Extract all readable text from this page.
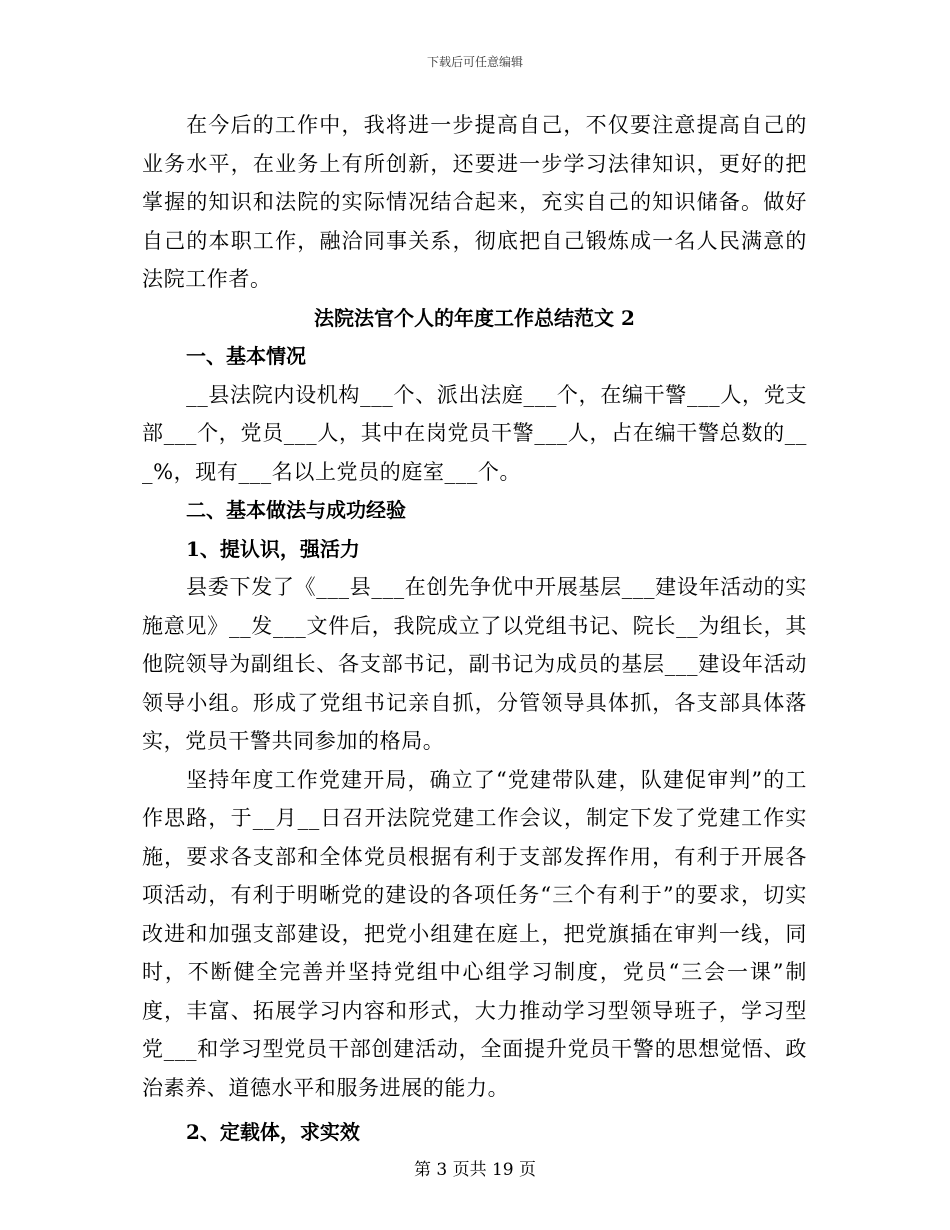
下载后可任意编辑

在今后的工作中，我将进一步提高自己，不仅要注意提高自己的业务水平，在业务上有所创新，还要进一步学习法律知识，更好的把掌握的知识和法院的实际情况结合起来，充实自己的知识储备。做好自己的本职工作，融洽同事关系，彻底把自己锻炼成一名人民满意的法院工作者。

法院法官个人的年度工作总结范文 2

一、基本情况

__县法院内设机构___个、派出法庭___个，在编干警___人，党支部___个，党员___人，其中在岗党员干警___人，占在编干警总数的___%，现有___名以上党员的庭室___个。

二、基本做法与成功经验

1、提认识，强活力

县委下发了《___县___在创先争优中开展基层___建设年活动的实施意见》__发___文件后，我院成立了以党组书记、院长__为组长，其他院领导为副组长、各支部书记，副书记为成员的基层___建设年活动领导小组。形成了党组书记亲自抓，分管领导具体抓，各支部具体落实，党员干警共同参加的格局。

坚持年度工作党建开局，确立了“党建带队建，队建促审判”的工作思路，于__月__日召开法院党建工作会议，制定下发了党建工作实施，要求各支部和全体党员根据有利于支部发挥作用，有利于开展各项活动，有利于明晰党的建设的各项任务“三个有利于”的要求，切实改进和加强支部建设，把党小组建在庭上，把党旗插在审判一线，同时，不断健全完善并坚持党组中心组学习制度，党员“三会一课”制度，丰富、拓展学习内容和形式，大力推动学习型领导班子，学习型党___和学习型党员干部创建活动，全面提升党员干警的思想觉悟、政治素养、道德水平和服务进展的能力。

2、定载体，求实效

第 3 页共 19 页
